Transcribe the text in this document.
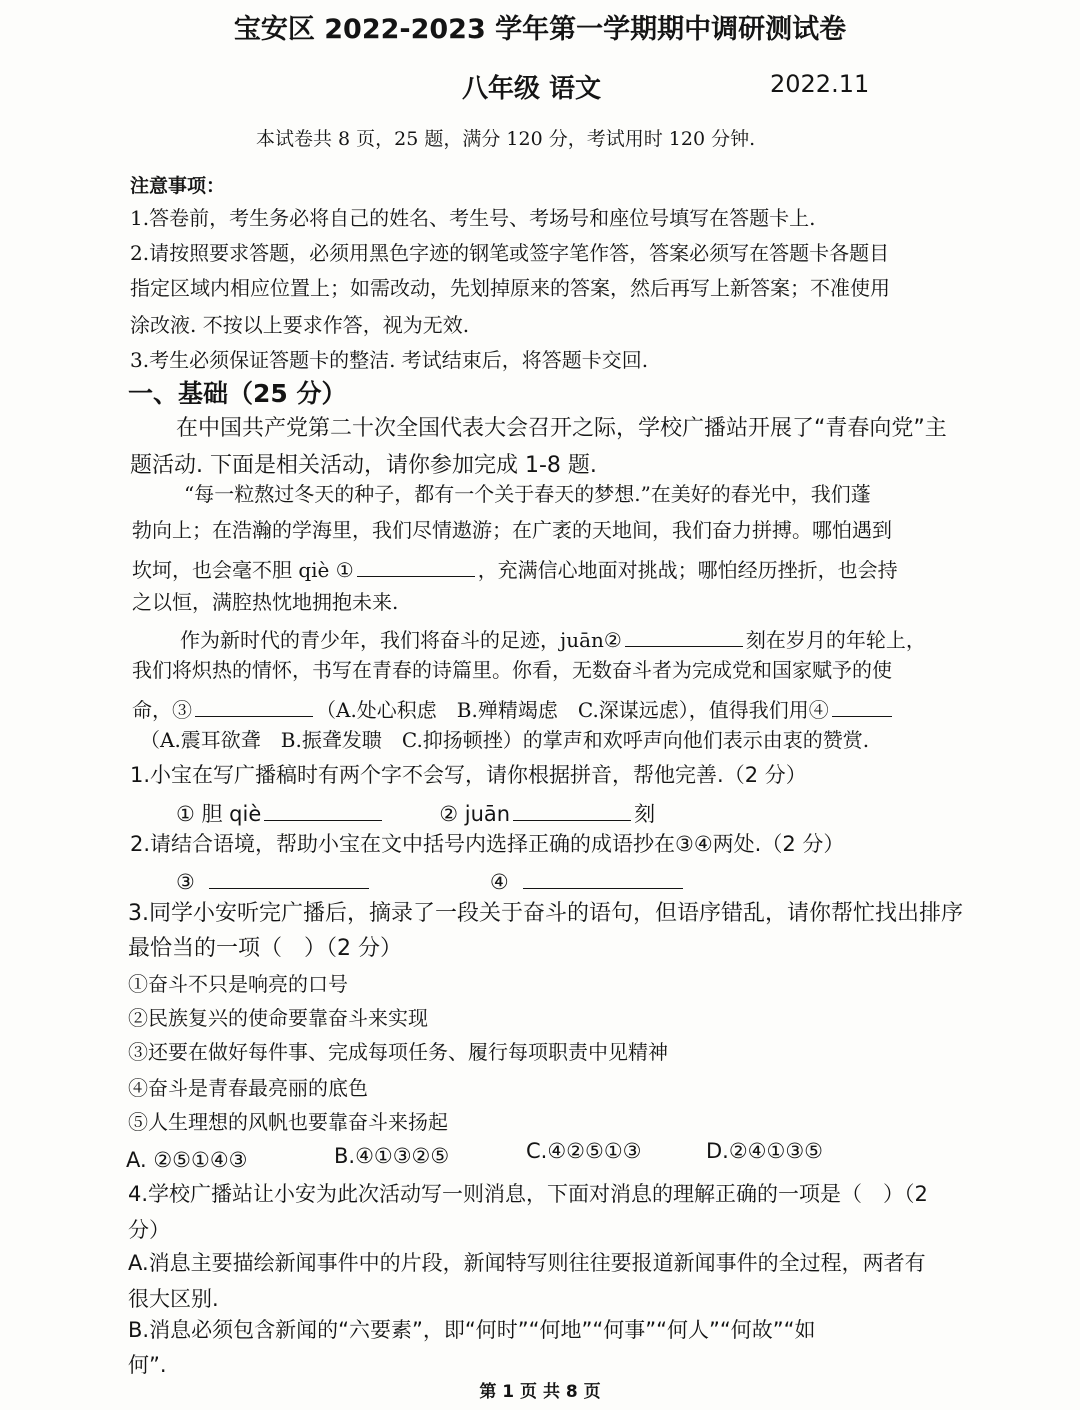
宝安区 2022-2023 学年第一学期期中调研测试卷
八年级 语文	2022.11
本试卷共 8 页，25 题，满分 120 分，考试用时 120 分钟.
注意事项：
1.答卷前，考生务必将自己的姓名、考生号、考场号和座位号填写在答题卡上.
2.请按照要求答题，必须用黑色字迹的钢笔或签字笔作答，答案必须写在答题卡各题目
指定区域内相应位置上；如需改动，先划掉原来的答案，然后再写上新答案；不准使用
涂改液. 不按以上要求作答，视为无效.
3.考生必须保证答题卡的整洁. 考试结束后，将答题卡交回.
一、基础（25 分）
在中国共产党第二十次全国代表大会召开之际，学校广播站开展了“青春向党”主
题活动. 下面是相关活动，请你参加完成 1-8 题.
“每一粒熬过冬天的种子，都有一个关于春天的梦想.”在美好的春光中，我们蓬
勃向上；在浩瀚的学海里，我们尽情遨游；在广袤的天地间，我们奋力拼搏。哪怕遇到
坎坷，也会毫不胆 qiè ①	，充满信心地面对挑战；哪怕经历挫折，也会持
之以恒，满腔热忱地拥抱未来.
作为新时代的青少年，我们将奋斗的足迹，juān②	刻在岁月的年轮上，
我们将炽热的情怀，书写在青春的诗篇里。你看，无数奋斗者为完成党和国家赋予的使
命，③	（A.处心积虑　B.殚精竭虑　C.深谋远虑），值得我们用④
（A.震耳欲聋　B.振聋发聩　C.抑扬顿挫）的掌声和欢呼声向他们表示由衷的赞赏.
1.小宝在写广播稿时有两个字不会写，请你根据拼音，帮他完善.（2 分）
① 胆 qiè	② juān	刻
2.请结合语境，帮助小宝在文中括号内选择正确的成语抄在③④两处.（2 分）
③	④
3.同学小安听完广播后，摘录了一段关于奋斗的语句，但语序错乱，请你帮忙找出排序
最恰当的一项（　）（2 分）
①奋斗不只是响亮的口号
②民族复兴的使命要靠奋斗来实现
③还要在做好每件事、完成每项任务、履行每项职责中见精神
④奋斗是青春最亮丽的底色
⑤人生理想的风帆也要靠奋斗来扬起
A. ②⑤①④③	B.④①③②⑤	C.④②⑤①③	D.②④①③⑤
4.学校广播站让小安为此次活动写一则消息，下面对消息的理解正确的一项是（　）（2
分）
A.消息主要描绘新闻事件中的片段，新闻特写则往往要报道新闻事件的全过程，两者有
很大区别.
B.消息必须包含新闻的“六要素”，即“何时”“何地”“何事”“何人”“何故”“如
何”.
第 1 页 共 8 页
